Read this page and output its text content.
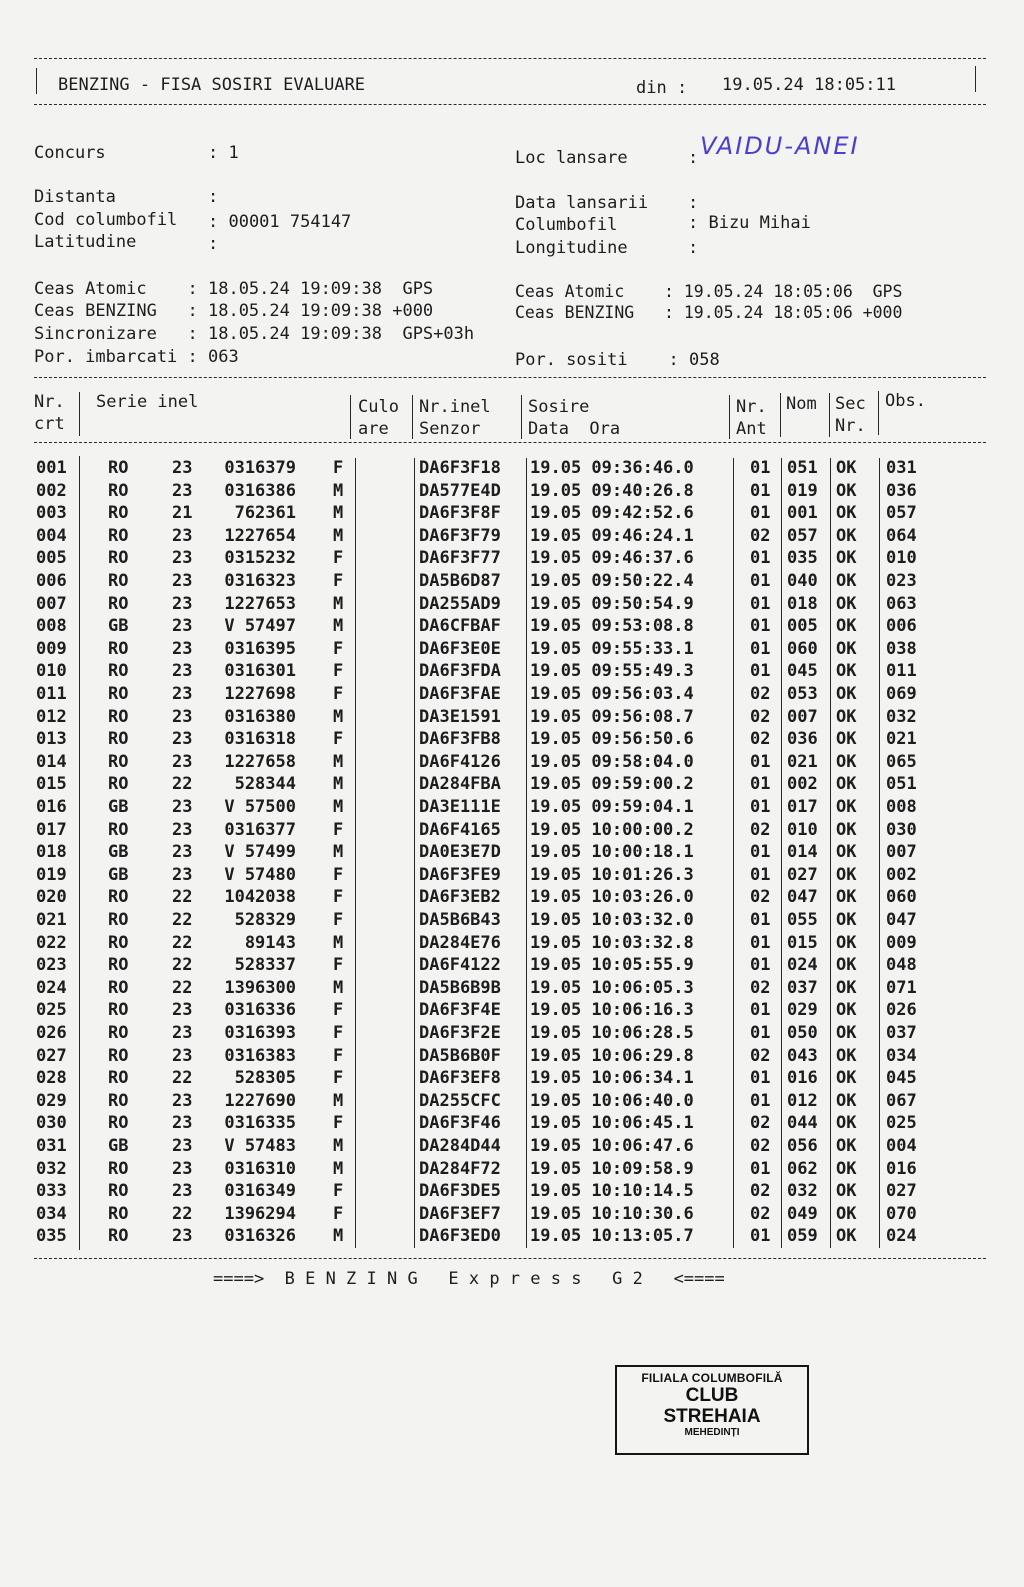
BENZING - FISA SOSIRI EVALUARE	din : 19.05.24 18:05:11
Concurs	: 1	Loc lansare	: VAIDU-ANEI
Distanta	:	Data lansarii :
Cod columbofil : 00001 754147	Columbofil	: Bizu Mihai
Latitudine	:	Longitudine	:
Ceas Atomic    : 18.05.24 19:09:38  GPS
Ceas BENZING   : 18.05.24 19:09:38 +000
Sincronizare   : 18.05.24 19:09:38  GPS+03h
Por. imbarcati : 063
Ceas Atomic    : 19.05.24 18:05:06  GPS
Ceas BENZING   : 19.05.24 18:05:06 +000
Por. sositi    : 058
Nr.
crt
Serie inel	Culo
are
Nr.inel
Senzor
Sosire
Data  Ora
Nr.
Ant
Nom Sec
Nr.
Obs.
001 RO	23 0316379 F	DA6F3F18 19.05 09:36:46.0	01 051 OK 031
002 RO	23 0316386 M	DA577E4D 19.05 09:40:26.8	01 019 OK 036
003 RO	21 762361 M	DA6F3F8F 19.05 09:42:52.6	01 001 OK 057
004 RO	23 1227654 M	DA6F3F79 19.05 09:46:24.1	02 057 OK 064
005 RO	23 0315232 F	DA6F3F77 19.05 09:46:37.6	01 035 OK 010
006 RO	23 0316323 F	DA5B6D87 19.05 09:50:22.4	01 040 OK 023
007 RO	23 1227653 M	DA255AD9 19.05 09:50:54.9	01 018 OK 063
008 GB	23 V 57497 M	DA6CFBAF 19.05 09:53:08.8	01 005 OK 006
009 RO	23 0316395 F	DA6F3E0E 19.05 09:55:33.1	01 060 OK 038
010 RO	23 0316301 F	DA6F3FDA 19.05 09:55:49.3	01 045 OK 011
011 RO	23 1227698 F	DA6F3FAE 19.05 09:56:03.4	02 053 OK 069
012 RO	23 0316380 M	DA3E1591 19.05 09:56:08.7	02 007 OK 032
013 RO	23 0316318 F	DA6F3FB8 19.05 09:56:50.6	02 036 OK 021
014 RO	23 1227658 M	DA6F4126 19.05 09:58:04.0	01 021 OK 065
015 RO	22 528344 M	DA284FBA 19.05 09:59:00.2	01 002 OK 051
016 GB	23 V 57500 M	DA3E111E 19.05 09:59:04.1	01 017 OK 008
017 RO	23 0316377 F	DA6F4165 19.05 10:00:00.2	02 010 OK 030
018 GB	23 V 57499 M	DA0E3E7D 19.05 10:00:18.1	01 014 OK 007
019 GB	23 V 57480 F	DA6F3FE9 19.05 10:01:26.3	01 027 OK 002
020 RO	22 1042038 F	DA6F3EB2 19.05 10:03:26.0	02 047 OK 060
021 RO	22 528329 F	DA5B6B43 19.05 10:03:32.0	01 055 OK 047
022 RO	22	89143 M	DA284E76 19.05 10:03:32.8	01 015 OK 009
023 RO	22 528337 F	DA6F4122 19.05 10:05:55.9	01 024 OK 048
024 RO	22 1396300 M	DA5B6B9B 19.05 10:06:05.3	02 037 OK 071
025 RO	23 0316336 F	DA6F3F4E 19.05 10:06:16.3	01 029 OK 026
026 RO	23 0316393 F	DA6F3F2E 19.05 10:06:28.5	01 050 OK 037
027 RO	23 0316383 F	DA5B6B0F 19.05 10:06:29.8	02 043 OK 034
028 RO	22 528305 F	DA6F3EF8 19.05 10:06:34.1	01 016 OK 045
029 RO	23 1227690 M	DA255CFC 19.05 10:06:40.0	01 012 OK 067
030 RO	23 0316335 F	DA6F3F46 19.05 10:06:45.1	02 044 OK 025
031 GB	23 V 57483 M	DA284D44 19.05 10:06:47.6	02 056 OK 004
032 RO	23 0316310 M	DA284F72 19.05 10:09:58.9	01 062 OK 016
033 RO	23 0316349 F	DA6F3DE5 19.05 10:10:14.5	02 032 OK 027
034 RO	22 1396294 F	DA6F3EF7 19.05 10:10:30.6	02 049 OK 070
035 RO	23 0316326 M	DA6F3ED0 19.05 10:13:05.7	01 059 OK 024
====>  B E N Z I N G   E x p r e s s   G 2   <====
FILIALA COLUMBOFILĂ
CLUB
STREHAIA
MEHEDINȚI
